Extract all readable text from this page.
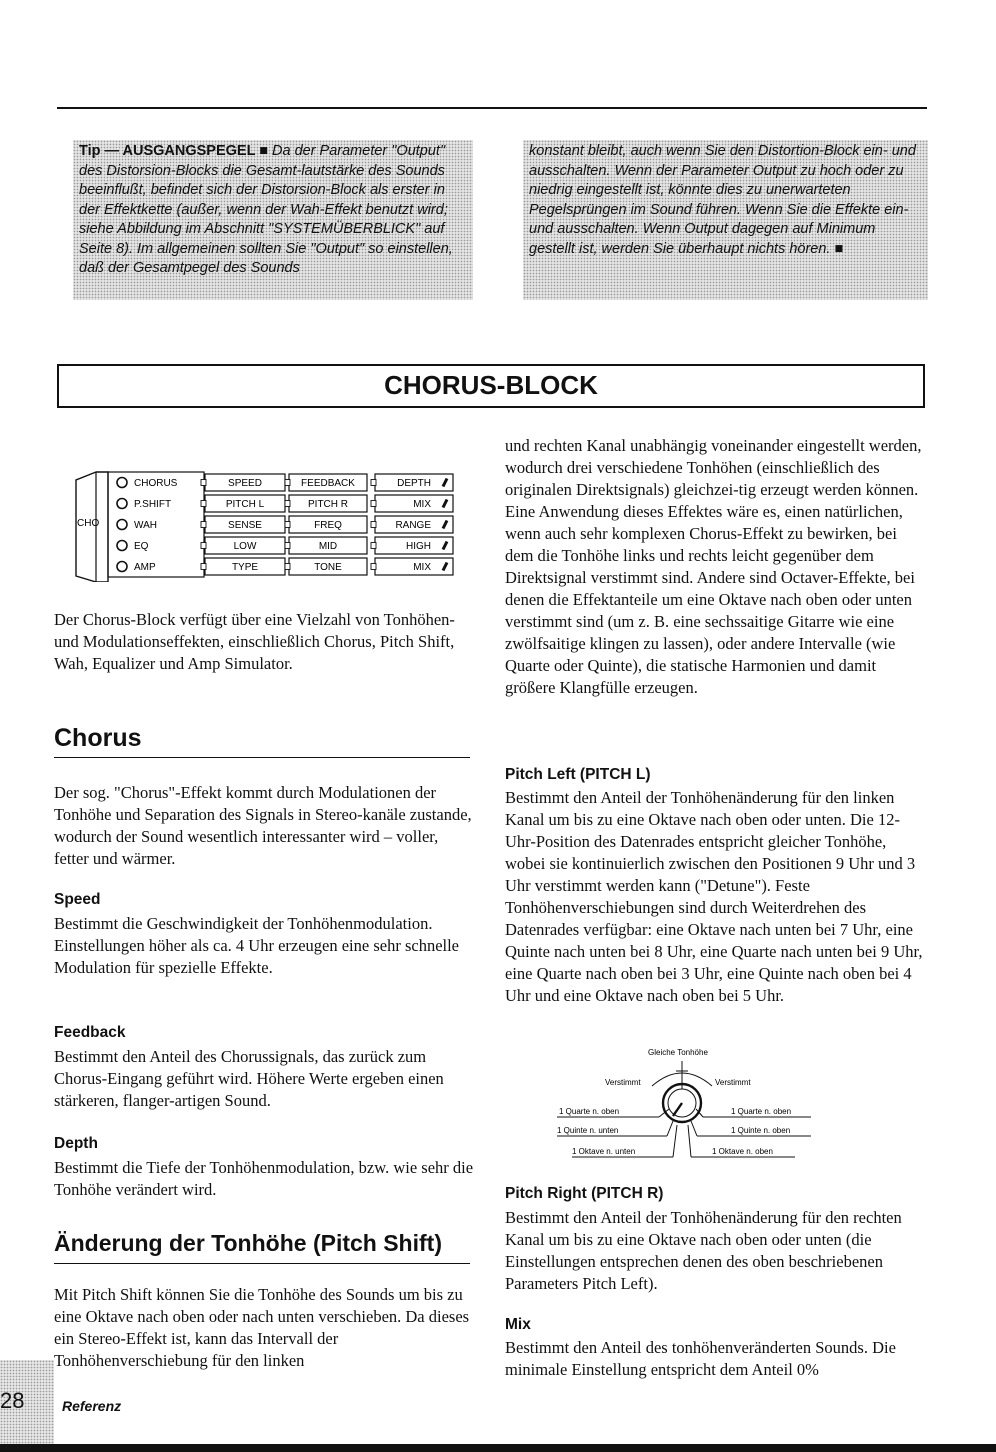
Tip — AUSGANGSPEGEL ■ Da der Parameter "Output" des Distorsion-Blocks die Gesamt-lautstärke des Sounds beeinflußt, befindet sich der Distorsion-Block als erster in der Effektkette (außer, wenn der Wah-Effekt benutzt wird; siehe Abbildung im Abschnitt "SYSTEMÜBERBLICK" auf Seite 8). Im allgemeinen sollten Sie "Output" so einstellen, daß der Gesamtpegel des Sounds
konstant bleibt, auch wenn Sie den Distortion-Block ein- und ausschalten. Wenn der Parameter Output zu hoch oder zu niedrig eingestellt ist, könnte dies zu unerwarteten Pegelsprüngen im Sound führen. Wenn Sie die Effekte ein- und ausschalten. Wenn Output dagegen auf Minimum gestellt ist, werden Sie überhaupt nichts hören. ■
CHORUS-BLOCK
CHO
CHORUS	SPEED	FEEDBACK	DEPTH
P.SHIFT	PITCH L	PITCH R	MIX
WAH	SENSE	FREQ	RANGE
EQ	LOW	MID	HIGH
AMP	TYPE	TONE	MIX
Der Chorus-Block verfügt über eine Vielzahl von Tonhöhen- und Modulationseffekten, einschließlich Chorus, Pitch Shift, Wah, Equalizer und Amp Simulator.
Chorus
Der sog. "Chorus"-Effekt kommt durch Modulationen der Tonhöhe und Separation des Signals in Stereo-kanäle zustande, wodurch der Sound wesentlich interessanter wird – voller, fetter und wärmer.
Speed
Bestimmt die Geschwindigkeit der Tonhöhenmodulation. Einstellungen höher als ca. 4 Uhr erzeugen eine sehr schnelle Modulation für spezielle Effekte.
Feedback
Bestimmt den Anteil des Chorussignals, das zurück zum Chorus-Eingang geführt wird. Höhere Werte ergeben einen stärkeren, flanger-artigen Sound.
Depth
Bestimmt die Tiefe der Tonhöhenmodulation, bzw. wie sehr die Tonhöhe verändert wird.
Änderung der Tonhöhe (Pitch Shift)
Mit Pitch Shift können Sie die Tonhöhe des Sounds um bis zu eine Oktave nach oben oder nach unten verschieben. Da dieses ein Stereo-Effekt ist, kann das Intervall der Tonhöhenverschiebung für den linken
und rechten Kanal unabhängig voneinander eingestellt werden, wodurch drei verschiedene Tonhöhen (einschließlich des originalen Direktsignals) gleichzei-tig erzeugt werden können. Eine Anwendung dieses Effektes wäre es, einen natürlichen, wenn auch sehr komplexen Chorus-Effekt zu bewirken, bei dem die Tonhöhe links und rechts leicht gegenüber dem Direktsignal verstimmt sind. Andere sind Octaver-Effekte, bei denen die Effektanteile um eine Oktave nach oben oder unten verstimmt sind (um z. B. eine sechssaitige Gitarre wie eine zwölfsaitige klingen zu lassen), oder andere Intervalle (wie Quarte oder Quinte), die statische Harmonien und damit größere Klangfülle erzeugen.
Pitch Left (PITCH L)
Bestimmt den Anteil der Tonhöhenänderung für den linken Kanal um bis zu eine Oktave nach oben oder unten. Die 12-Uhr-Position des Datenrades entspricht gleicher Tonhöhe, wobei sie kontinuierlich zwischen den Positionen 9 Uhr und 3 Uhr verstimmt werden kann ("Detune"). Feste Tonhöhenverschiebungen sind durch Weiterdrehen des Datenrades verfügbar: eine Oktave nach unten bei 7 Uhr, eine Quinte nach unten bei 8 Uhr, eine Quarte nach unten bei 9 Uhr, eine Quarte nach oben bei 3 Uhr, eine Quinte nach oben bei 4 Uhr und eine Oktave nach oben bei 5 Uhr.
Gleiche Tonhöhe
Verstimmt	Verstimmt
1 Quarte n. oben
1 Quinte n. unten
1 Oktave n. unten
1 Quarte n. oben
1 Quinte n. oben
1 Oktave n. oben
Pitch Right (PITCH R)
Bestimmt den Anteil der Tonhöhenänderung für den rechten Kanal um bis zu eine Oktave nach oben oder unten (die Einstellungen entsprechen denen des oben beschriebenen Parameters Pitch Left).
Mix
Bestimmt den Anteil des tonhöhenveränderten Sounds. Die minimale Einstellung entspricht dem Anteil 0%
28	Referenz
